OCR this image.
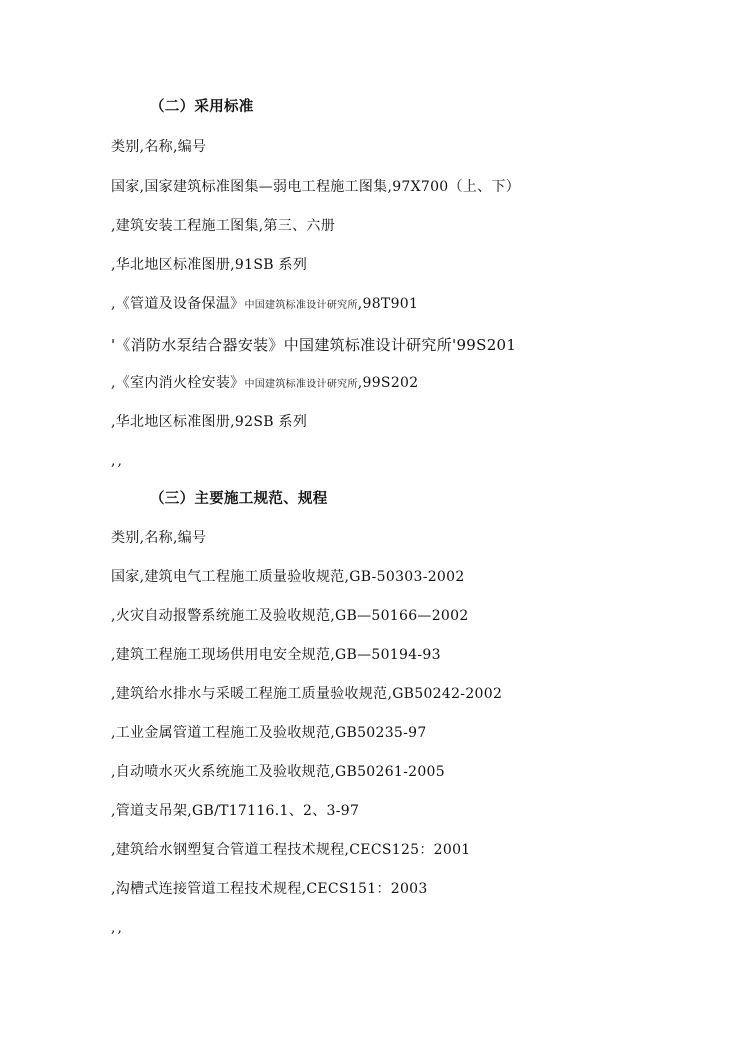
（二）采用标准
类别,名称,编号
国家,国家建筑标准图集—弱电工程施工图集,97X700（上、下）
,建筑安装工程施工图集,第三、六册
,华北地区标准图册,91SB 系列
,《管道及设备保温》中国建筑标准设计研究所,98T901
'《消防水泵结合器安装》中国建筑标准设计研究所'99S201
,《室内消火栓安装》中国建筑标准设计研究所,99S202
,华北地区标准图册,92SB 系列
,,
（三）主要施工规范、规程
类别,名称,编号
国家,建筑电气工程施工质量验收规范,GB-50303-2002
,火灾自动报警系统施工及验收规范,GB—50166—2002
,建筑工程施工现场供用电安全规范,GB—50194-93
,建筑给水排水与采暖工程施工质量验收规范,GB50242-2002
,工业金属管道工程施工及验收规范,GB50235-97
,自动喷水灭火系统施工及验收规范,GB50261-2005
,管道支吊架,GB/T17116.1、2、3-97
,建筑给水钢塑复合管道工程技术规程,CECS125：2001
,沟槽式连接管道工程技术规程,CECS151：2003
,,
